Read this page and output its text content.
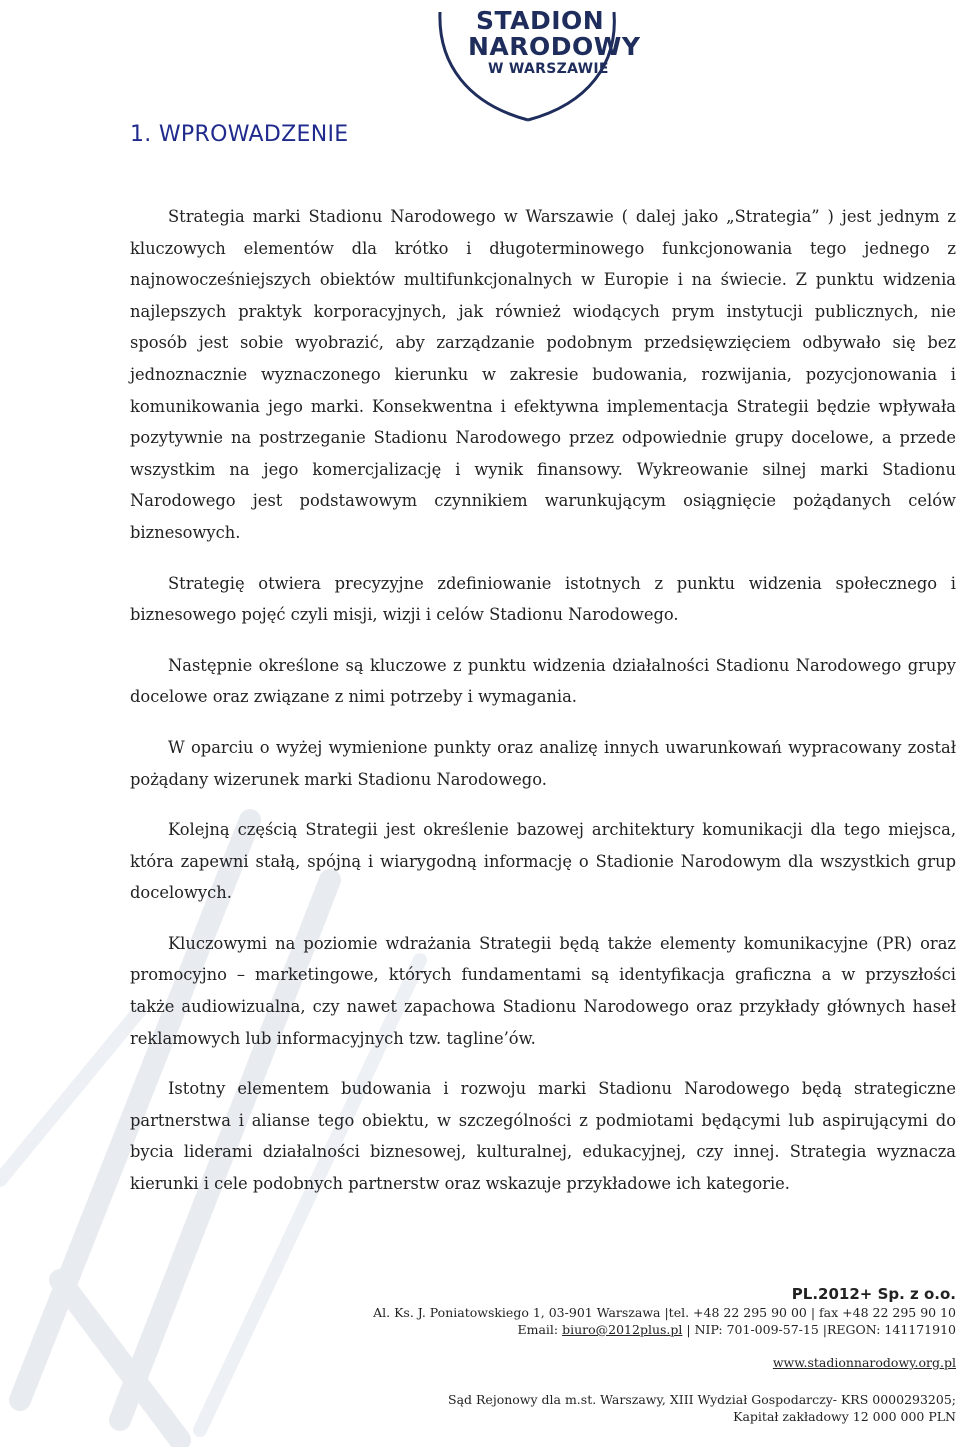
STADION
NARODOWY
W WARSZAWIE
1. WPROWADZENIE

Strategia marki Stadionu Narodowego w Warszawie ( dalej jako „Strategia” ) jest jednym z kluczowych elementów dla krótko i długoterminowego funkcjonowania tego jednego z najnowocześniejszych obiektów multifunkcjonalnych w Europie i na świecie. Z punktu widzenia najlepszych praktyk korporacyjnych, jak również wiodących prym instytucji publicznych, nie sposób jest sobie wyobrazić, aby zarządzanie podobnym przedsięwzięciem odbywało się bez jednoznacznie wyznaczonego kierunku w zakresie budowania, rozwijania, pozycjonowania i komunikowania jego marki. Konsekwentna i efektywna implementacja Strategii będzie wpływała pozytywnie na postrzeganie Stadionu Narodowego przez odpowiednie grupy docelowe, a przede wszystkim na jego komercjalizację i wynik finansowy. Wykreowanie silnej marki Stadionu Narodowego jest podstawowym czynnikiem warunkującym osiągnięcie pożądanych celów biznesowych.

Strategię otwiera precyzyjne zdefiniowanie istotnych z punktu widzenia społecznego i biznesowego pojęć czyli misji, wizji i celów Stadionu Narodowego.

Następnie określone są kluczowe z punktu widzenia działalności Stadionu Narodowego grupy docelowe oraz związane z nimi potrzeby i wymagania.

W oparciu o wyżej wymienione punkty oraz analizę innych uwarunkowań wypracowany został pożądany wizerunek marki Stadionu Narodowego.

Kolejną częścią Strategii jest określenie bazowej architektury komunikacji dla tego miejsca, która zapewni stałą, spójną i wiarygodną informację o Stadionie Narodowym dla wszystkich grup docelowych.

Kluczowymi na poziomie wdrażania Strategii będą także elementy komunikacyjne (PR) oraz promocyjno – marketingowe, których fundamentami są identyfikacja graficzna a w przyszłości także audiowizualna, czy nawet zapachowa Stadionu Narodowego oraz przykłady głównych haseł reklamowych lub informacyjnych tzw. tagline’ów.

Istotny elementem budowania i rozwoju marki Stadionu Narodowego będą strategiczne partnerstwa i alianse tego obiektu, w szczególności z podmiotami będącymi lub aspirującymi do bycia liderami działalności biznesowej, kulturalnej, edukacyjnej, czy innej. Strategia wyznacza kierunki i cele podobnych partnerstw oraz wskazuje przykładowe ich kategorie.

PL.2012+ Sp. z o.o.
Al. Ks. J. Poniatowskiego 1, 03-901 Warszawa |tel. +48 22 295 90 00 | fax +48 22 295 90 10
Email: biuro@2012plus.pl | NIP: 701-009-57-15 |REGON: 141171910
www.stadionnarodowy.org.pl
Sąd Rejonowy dla m.st. Warszawy, XIII Wydział Gospodarczy- KRS 0000293205;
Kapitał zakładowy 12 000 000 PLN
